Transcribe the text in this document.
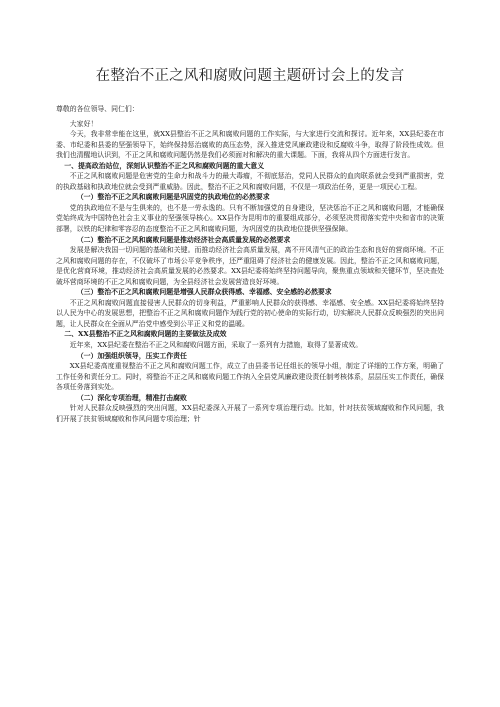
在整治不正之风和腐败问题主题研讨会上的发言

尊敬的各位领导、同仁们：

大家好！

今天，我非常幸能在这里，就XX县整治不正之风和腐败问题的工作实际，与大家进行交流和探讨。近年来，XX县纪委在市委、市纪委和县委的坚强领导下，始终保持惩治腐败的高压态势，深入推进党风廉政建设和反腐败斗争，取得了阶段性成效。但我们也清醒地认识到，不正之风和腐败问题仍然是我们必须面对和解决的重大课题。下面，我将从四个方面进行发言。

一、提高政治站位，深刻认识整治不正之风和腐败问题的重大意义

不正之风和腐败问题是危害党的生命力和战斗力的最大毒瘤，不彻底惩治，党同人民群众的血肉联系就会受到严重损害，党的执政基础和执政地位就会受到严重威胁。因此，整治不正之风和腐败问题，不仅是一项政治任务，更是一项民心工程。

（一）整治不正之风和腐败问题是巩固党的执政地位的必然要求

党的执政地位不是与生俱来的，也不是一劳永逸的。只有不断加强党的自身建设，坚决惩治不正之风和腐败问题，才能确保党始终成为中国特色社会主义事业的坚强领导核心。XX县作为昆明市的重要组成部分，必须坚决贯彻落实党中央和省市的决策部署，以铁的纪律和零容忍的态度整治不正之风和腐败问题，为巩固党的执政地位提供坚强保障。

（二）整治不正之风和腐败问题是推动经济社会高质量发展的必然要求

发展是解决我国一切问题的基础和关键。而推动经济社会高质量发展，离不开风清气正的政治生态和良好的营商环境。不正之风和腐败问题的存在，不仅破坏了市场公平竞争秩序，还严重阻碍了经济社会的健康发展。因此，整治不正之风和腐败问题，是优化营商环境，推动经济社会高质量发展的必然要求。XX县纪委将始终坚持问题导向，聚焦重点领域和关键环节，坚决查处破坏营商环境的不正之风和腐败问题，为全县经济社会发展营造良好环境。

（三）整治不正之风和腐败问题是增强人民群众获得感、幸福感、安全感的必然要求

不正之风和腐败问题直接侵害人民群众的切身利益，严重影响人民群众的获得感、幸福感、安全感。XX县纪委将始终坚持以人民为中心的发展思想，把整治不正之风和腐败问题作为践行党的初心使命的实际行动，切实解决人民群众反映强烈的突出问题，让人民群众在全面从严治党中感受到公平正义和党的温暖。

二、XX县整治不正之风和腐败问题的主要做法及成效

近年来，XX县纪委在整治不正之风和腐败问题方面，采取了一系列有力措施，取得了显著成效。

（一）加强组织领导，压实工作责任

XX县纪委高度重视整治不正之风和腐败问题工作，成立了由县委书记任组长的领导小组，制定了详细的工作方案，明确了工作任务和责任分工。同时，将整治不正之风和腐败问题工作纳入全县党风廉政建设责任制考核体系，层层压实工作责任，确保各项任务落到实处。

（二）深化专项治理，精准打击腐败

针对人民群众反映强烈的突出问题，XX县纪委深入开展了一系列专项治理行动。比如，针对扶贫领域腐败和作风问题，我们开展了扶贫领域腐败和作风问题专项治理；针
